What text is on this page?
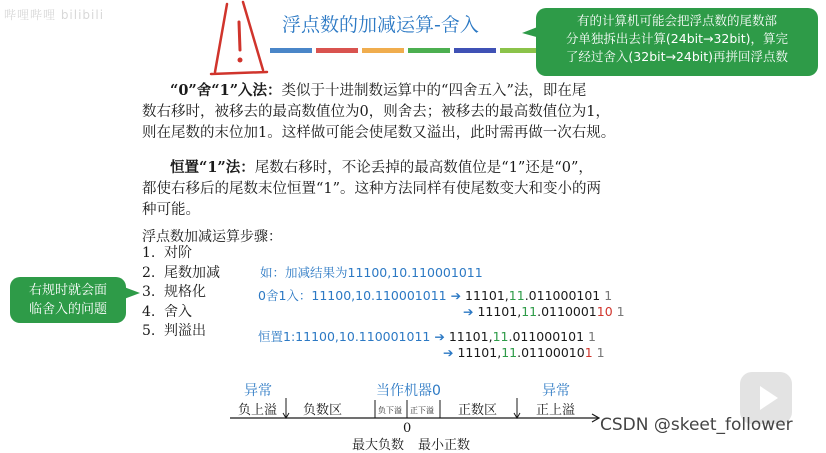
哔哩哔哩 bilibili	浮点数的加减运算-舍入	有的计算机可能会把浮点数的尾数部
分单独拆出去计算(24bit→32bit)，算完
了经过舍入(32bit→24bit)再拼回浮点数
右规时就会面
临舍入的问题
“0”舍“1”入法：类似于十进制数运算中的“四舍五入”法，即在尾
数右移时，被移去的最高数值位为0，则舍去；被移去的最高数值位为1，
则在尾数的末位加1。这样做可能会使尾数又溢出，此时需再做一次右规。
恒置“1”法：尾数右移时，不论丢掉的最高数值位是“1”还是“0”，
都使右移后的尾数末位恒置“1”。这种方法同样有使尾数变大和变小的两
种可能。
浮点数加减运算步骤：
1. 对阶
2. 尾数加减
3. 规格化
4. 舍入
5. 判溢出
如：加减结果为11100,10.110001011
0舍1入：11100,10.110001011 ➔ 11101,11.011000101 1
➔ 11101,11.011000110 1
恒置1:11100,10.110001011 ➔ 11101,11.011000101 1
➔ 11101,11.011000101 1
异常	当作机器0	异常
负上溢 负数区	负下溢 正下溢 正数区	正上溢
0
最大负数 最小正数
CSDN @skeet_follower
